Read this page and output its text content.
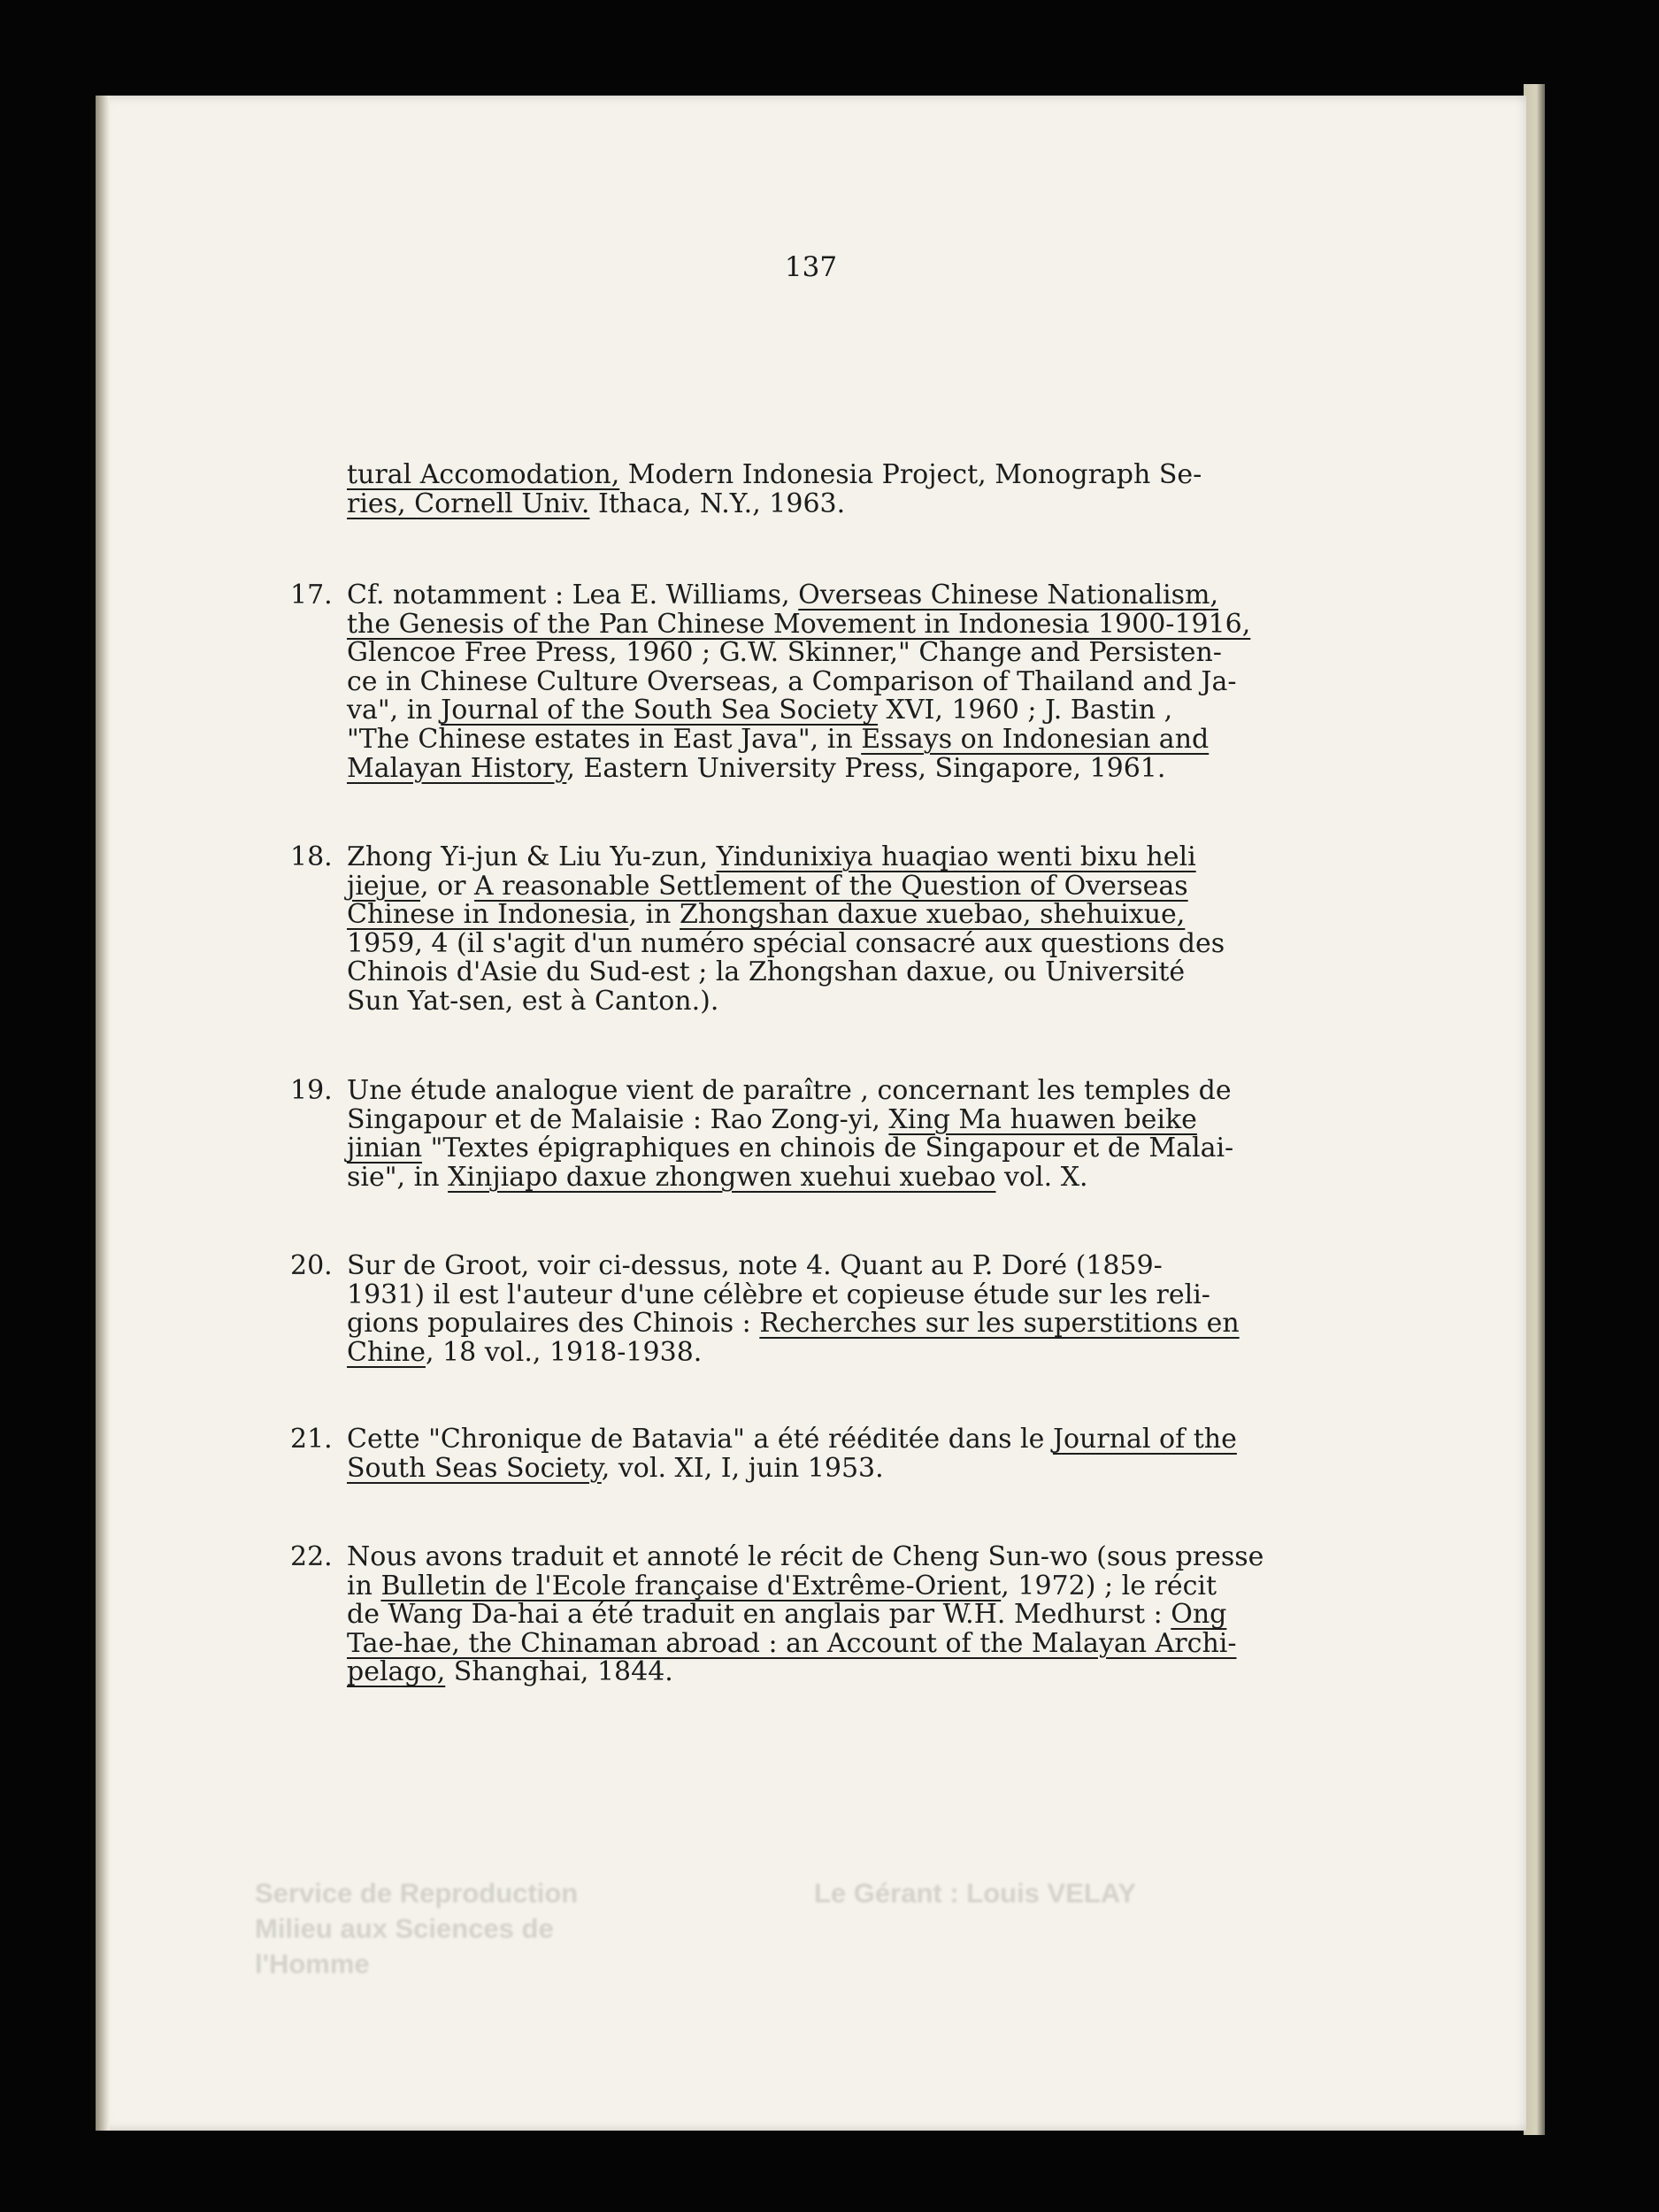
137
tural Accomodation, Modern Indonesia Project, Monograph Se-
ries, Cornell Univ. Ithaca, N.Y., 1963.
17. Cf. notamment : Lea E. Williams, Overseas Chinese Nationalism,
the Genesis of the Pan Chinese Movement in Indonesia 1900-1916,
Glencoe Free Press, 1960 ; G.W. Skinner," Change and Persisten-
ce in Chinese Culture Overseas, a Comparison of Thailand and Ja-
va", in Journal of the South Sea Society XVI, 1960 ; J. Bastin ,
"The Chinese estates in East Java", in Essays on Indonesian and
Malayan History, Eastern University Press, Singapore, 1961.
18. Zhong Yi-jun & Liu Yu-zun, Yindunixiya huaqiao wenti bixu heli
jiejue, or A reasonable Settlement of the Question of Overseas
Chinese in Indonesia, in Zhongshan daxue xuebao, shehuixue,
1959, 4 (il s'agit d'un numéro spécial consacré aux questions des
Chinois d'Asie du Sud-est ; la Zhongshan daxue, ou Université
Sun Yat-sen, est à Canton.).
19. Une étude analogue vient de paraître , concernant les temples de
Singapour et de Malaisie : Rao Zong-yi, Xing Ma huawen beike
jinian "Textes épigraphiques en chinois de Singapour et de Malai-
sie", in Xinjiapo daxue zhongwen xuehui xuebao vol. X.
20. Sur de Groot, voir ci-dessus, note 4. Quant au P. Doré (1859-
1931) il est l'auteur d'une célèbre et copieuse étude sur les reli-
gions populaires des Chinois : Recherches sur les superstitions en
Chine, 18 vol., 1918-1938.
21. Cette "Chronique de Batavia" a été rééditée dans le Journal of the
South Seas Society, vol. XI, I, juin 1953.
22. Nous avons traduit et annoté le récit de Cheng Sun-wo (sous presse
in Bulletin de l'Ecole française d'Extrême-Orient, 1972) ; le récit
de Wang Da-hai a été traduit en anglais par W.H. Medhurst : Ong
Tae-hae, the Chinaman abroad : an Account of the Malayan Archi-
pelago, Shanghai, 1844.
Service de Reproduction
Milieu aux Sciences de
l'Homme
Le Gérant : Louis VELAY
